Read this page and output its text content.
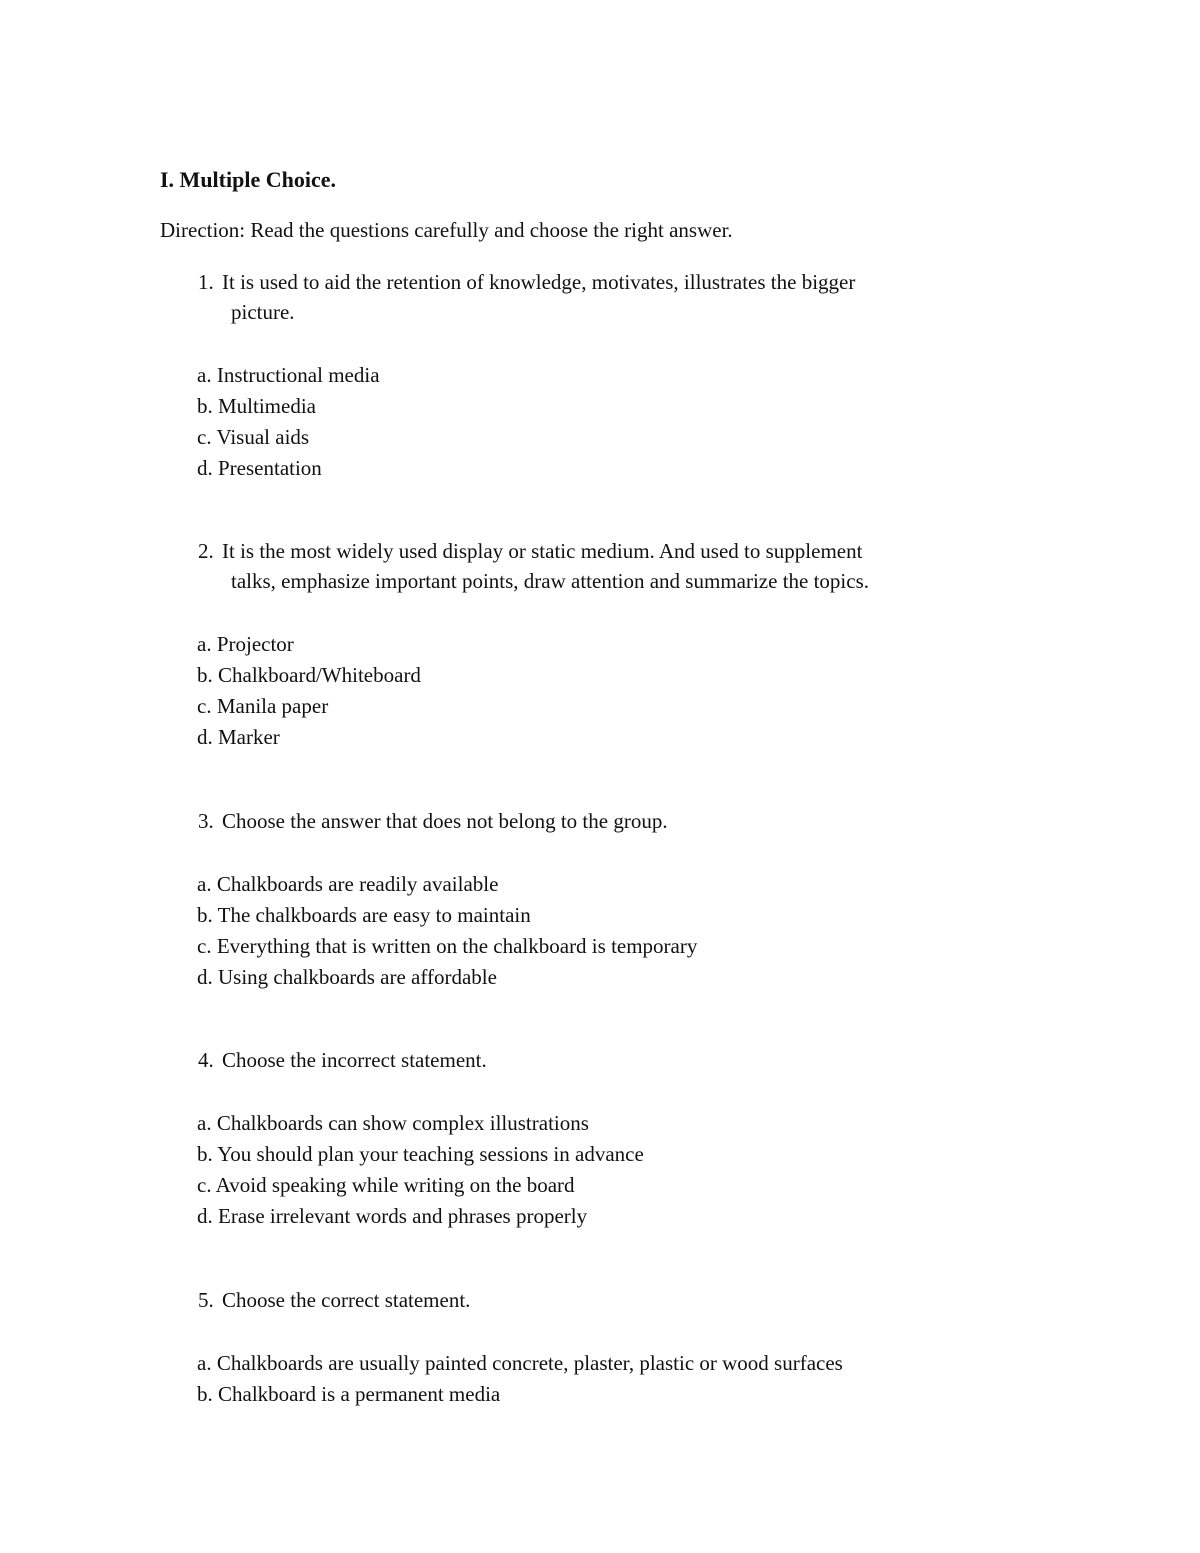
I. Multiple Choice.
Direction: Read the questions carefully and choose the right answer.
1. It is used to aid the retention of knowledge, motivates, illustrates the bigger
picture.
a. Instructional media
b. Multimedia
c. Visual aids
d. Presentation
2. It is the most widely used display or static medium. And used to supplement
talks, emphasize important points, draw attention and summarize the topics.
a. Projector
b. Chalkboard/Whiteboard
c. Manila paper
d. Marker
3. Choose the answer that does not belong to the group.
a. Chalkboards are readily available
b. The chalkboards are easy to maintain
c. Everything that is written on the chalkboard is temporary
d. Using chalkboards are affordable
4. Choose the incorrect statement.
a. Chalkboards can show complex illustrations
b. You should plan your teaching sessions in advance
c. Avoid speaking while writing on the board
d. Erase irrelevant words and phrases properly
5. Choose the correct statement.
a. Chalkboards are usually painted concrete, plaster, plastic or wood surfaces
b. Chalkboard is a permanent media
